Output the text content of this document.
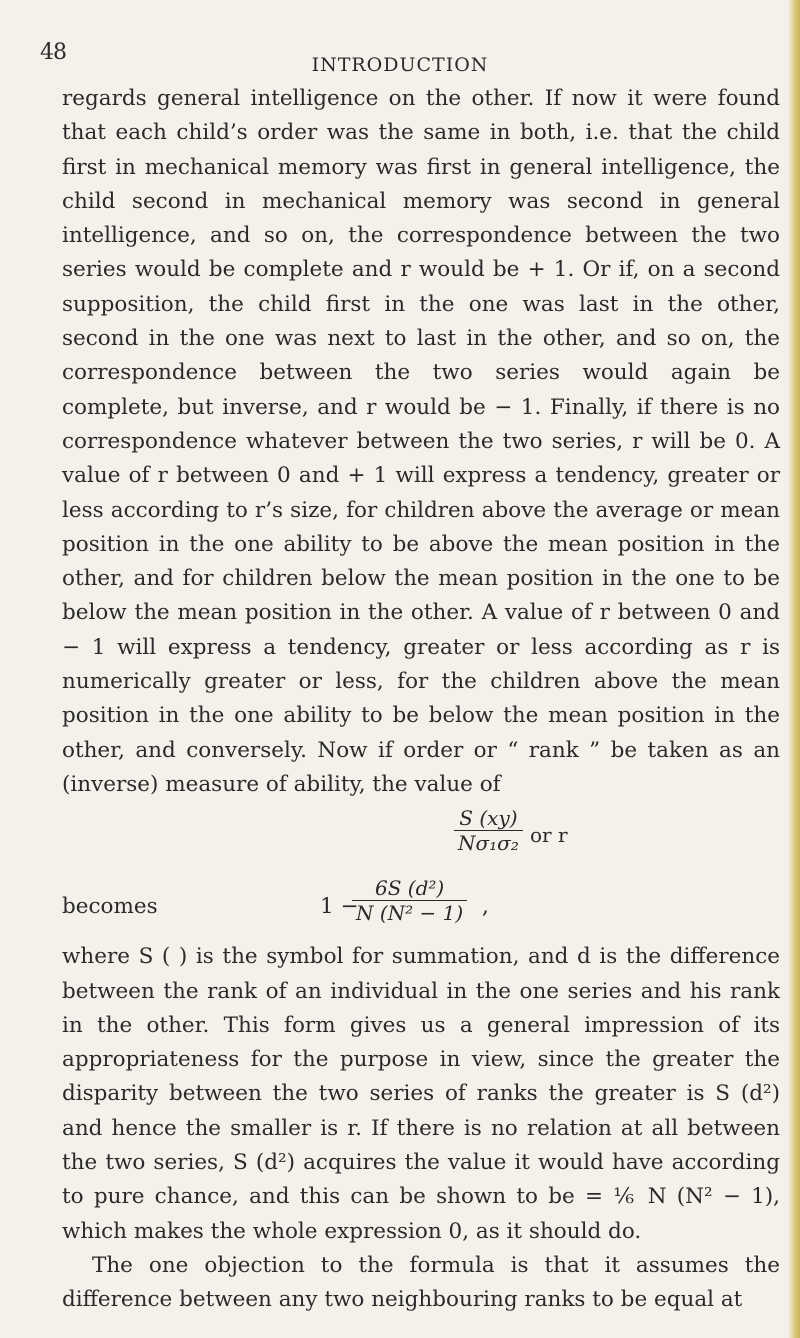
48	INTRODUCTION

regards general intelligence on the other. If now it were found that each child’s order was the same in both, i.e. that the child first in mechanical memory was first in general intelligence, the child second in mechanical memory was second in general intelligence, and so on, the correspondence between the two series would be complete and r would be + 1. Or if, on a second supposition, the child first in the one was last in the other, second in the one was next to last in the other, and so on, the correspondence between the two series would again be complete, but inverse, and r would be − 1. Finally, if there is no correspondence whatever between the two series, r will be 0. A value of r between 0 and + 1 will express a tendency, greater or less according to r’s size, for children above the average or mean position in the one ability to be above the mean position in the other, and for children below the mean position in the one to be below the mean position in the other. A value of r between 0 and − 1 will express a tendency, greater or less according as r is numerically greater or less, for the children above the mean position in the one ability to be below the mean position in the other, and conversely. Now if order or “ rank ” be taken as an (inverse) measure of ability, the value of

$\frac{S (xy)}{\text{Nσ₁σ₂}}$ or r
becomes	1 −
$\frac{\text{6S (d²)}}{\text{N (N² − 1)}}$ ,

where S ( ) is the symbol for summation, and d is the difference between the rank of an individual in the one series and his rank in the other. This form gives us a general impression of its appropriateness for the purpose in view, since the greater the disparity between the two series of ranks the greater is S (d²) and hence the smaller is r. If there is no relation at all between the two series, S (d²) acquires the value it would have according to pure chance, and this can be shown to be = ⅙ N (N² − 1), which makes the whole expression 0, as it should do.

The one objection to the formula is that it assumes the difference between any two neighbouring ranks to be equal at
